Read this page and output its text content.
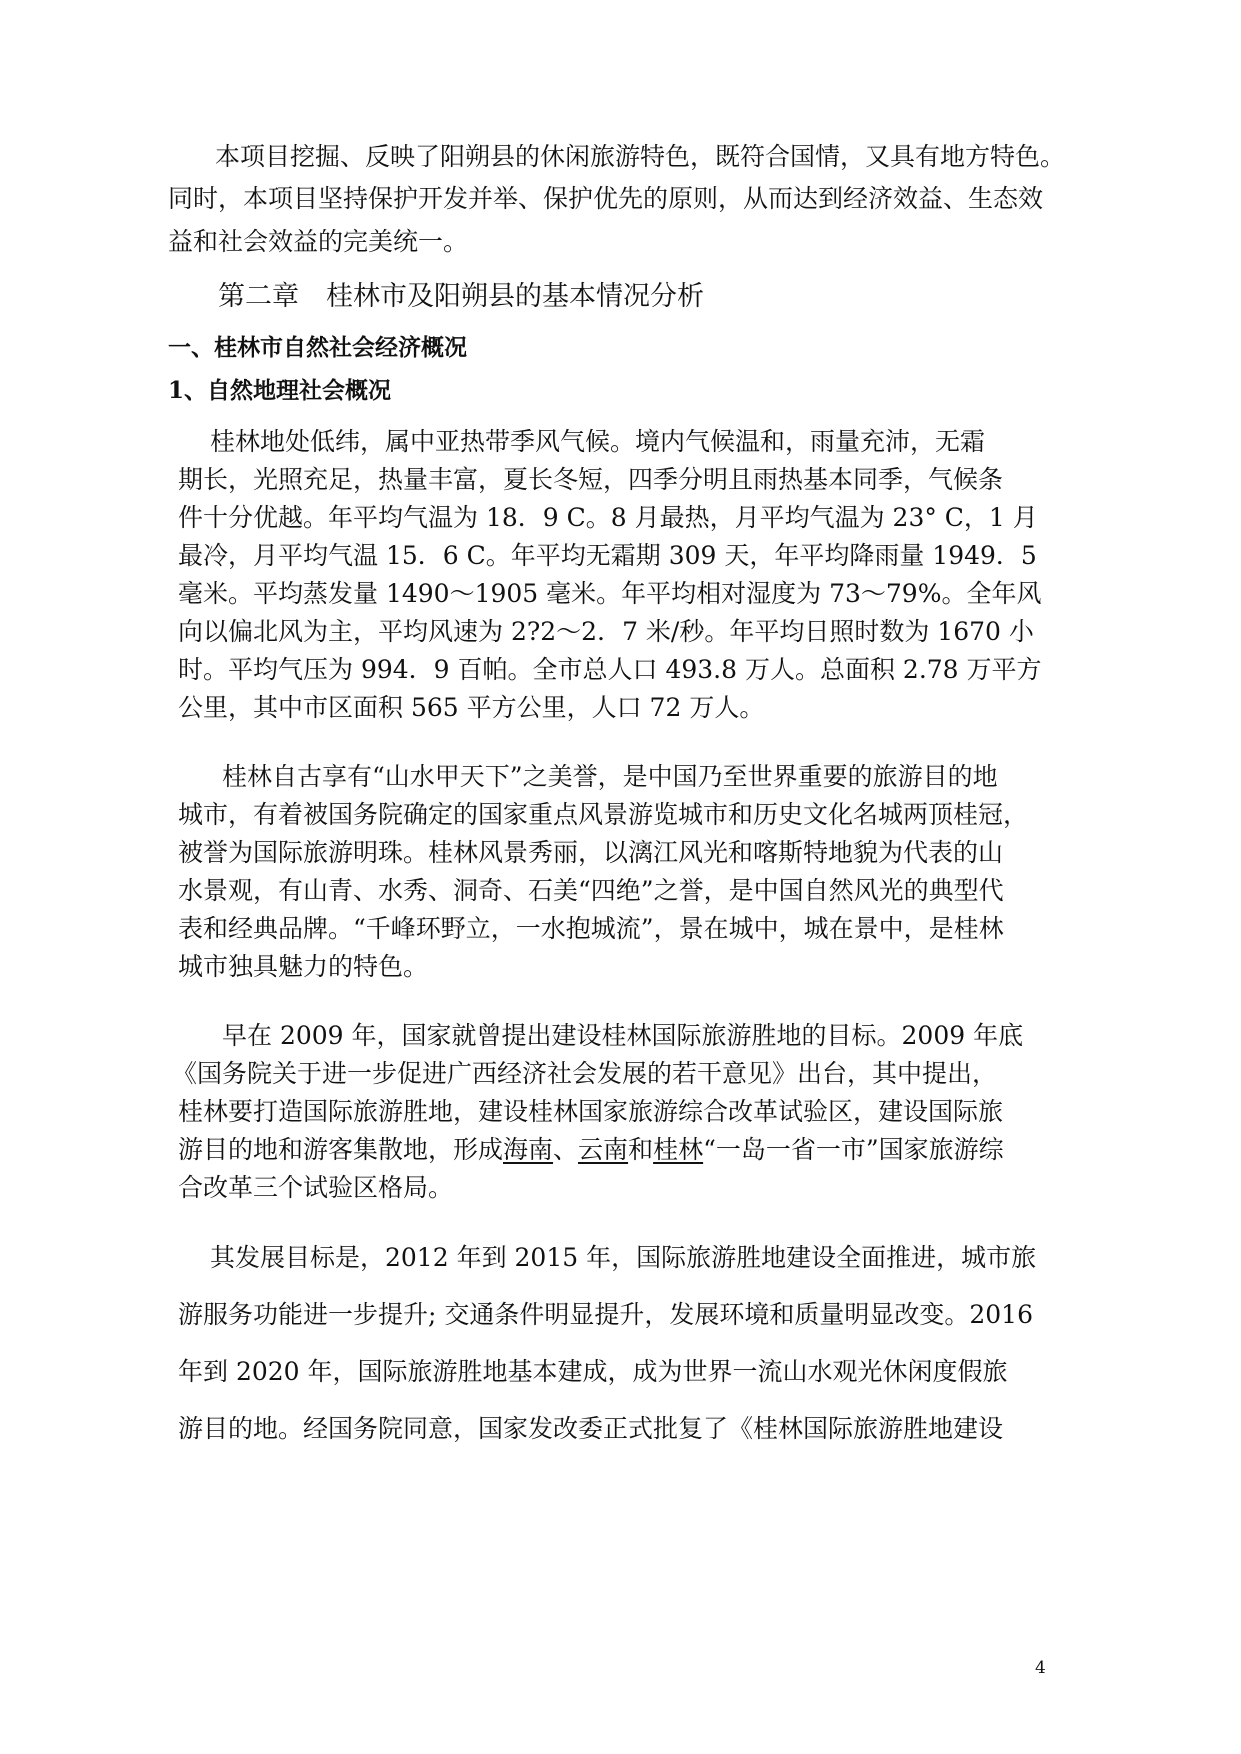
本项目挖掘、反映了阳朔县的休闲旅游特色，既符合国情，又具有地方特色。
同时，本项目坚持保护开发并举、保护优先的原则，从而达到经济效益、生态效
益和社会效益的完美统一。
第二章　桂林市及阳朔县的基本情况分析
一、桂林市自然社会经济概况
1、自然地理社会概况
桂林地处低纬，属中亚热带季风气候。境内气候温和，雨量充沛，无霜
期长，光照充足，热量丰富，夏长冬短，四季分明且雨热基本同季，气候条
件十分优越。年平均气温为 18．9 C。8 月最热，月平均气温为 23° C，1 月
最冷，月平均气温 15．6 C。年平均无霜期 309 天，年平均降雨量 1949．5
毫米。平均蒸发量 1490～1905 毫米。年平均相对湿度为 73～79%。全年风
向以偏北风为主，平均风速为 2?2～2．7 米/秒。年平均日照时数为 1670 小
时。平均气压为 994．9 百帕。全市总人口 493.8 万人。总面积 2.78 万平方
公里，其中市区面积 565 平方公里，人口 72 万人。
桂林自古享有“山水甲天下”之美誉，是中国乃至世界重要的旅游目的地
城市，有着被国务院确定的国家重点风景游览城市和历史文化名城两顶桂冠，
被誉为国际旅游明珠。桂林风景秀丽，以漓江风光和喀斯特地貌为代表的山
水景观，有山青、水秀、洞奇、石美“四绝”之誉，是中国自然风光的典型代
表和经典品牌。“千峰环野立，一水抱城流”，景在城中，城在景中，是桂林
城市独具魅力的特色。
早在 2009 年，国家就曾提出建设桂林国际旅游胜地的目标。2009 年底
《国务院关于进一步促进广西经济社会发展的若干意见》出台，其中提出，
桂林要打造国际旅游胜地，建设桂林国家旅游综合改革试验区，建设国际旅
游目的地和游客集散地，形成海南、云南和桂林“一岛一省一市”国家旅游综
合改革三个试验区格局。
其发展目标是，2012 年到 2015 年，国际旅游胜地建设全面推进，城市旅
游服务功能进一步提升; 交通条件明显提升，发展环境和质量明显改变。2016
年到 2020 年，国际旅游胜地基本建成，成为世界一流山水观光休闲度假旅
游目的地。经国务院同意，国家发改委正式批复了《桂林国际旅游胜地建设
4
